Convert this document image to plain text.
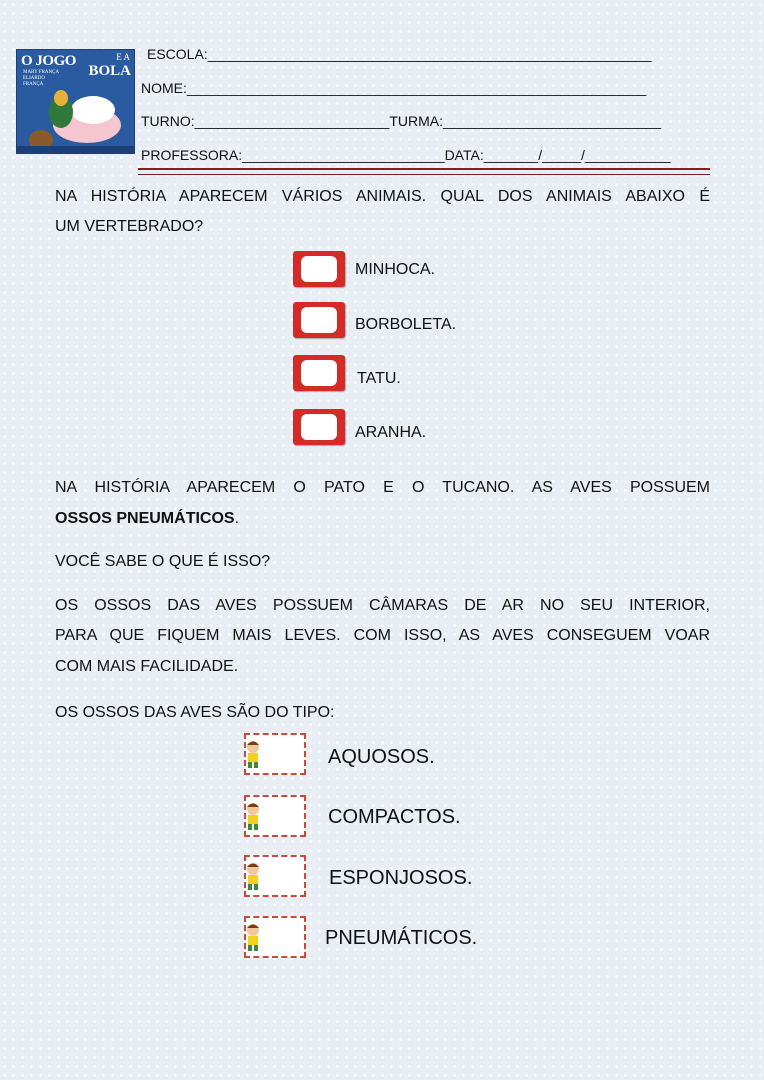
O JOGO	E A
BOLA
MARY FRANÇA ELIARDO FRANÇA
ESCOLA:_________________________________________________________
NOME:___________________________________________________________
TURNO:_________________________TURMA:____________________________
PROFESSORA:__________________________DATA:_______/_____/___________
NA HISTÓRIA APARECEM VÁRIOS ANIMAIS. QUAL DOS ANIMAIS ABAIXO É
UM VERTEBRADO?
MINHOCA.
BORBOLETA.
TATU.
ARANHA.
NA HISTÓRIA APARECEM O PATO E O TUCANO. AS AVES POSSUEM
OSSOS PNEUMÁTICOS.
VOCÊ SABE O QUE É ISSO?
OS OSSOS DAS AVES POSSUEM CÂMARAS DE AR NO SEU INTERIOR,
PARA QUE FIQUEM MAIS LEVES. COM ISSO, AS AVES CONSEGUEM VOAR
COM MAIS FACILIDADE.
OS OSSOS DAS AVES SÃO DO TIPO:
AQUOSOS.
COMPACTOS.
ESPONJOSOS.
PNEUMÁTICOS.
